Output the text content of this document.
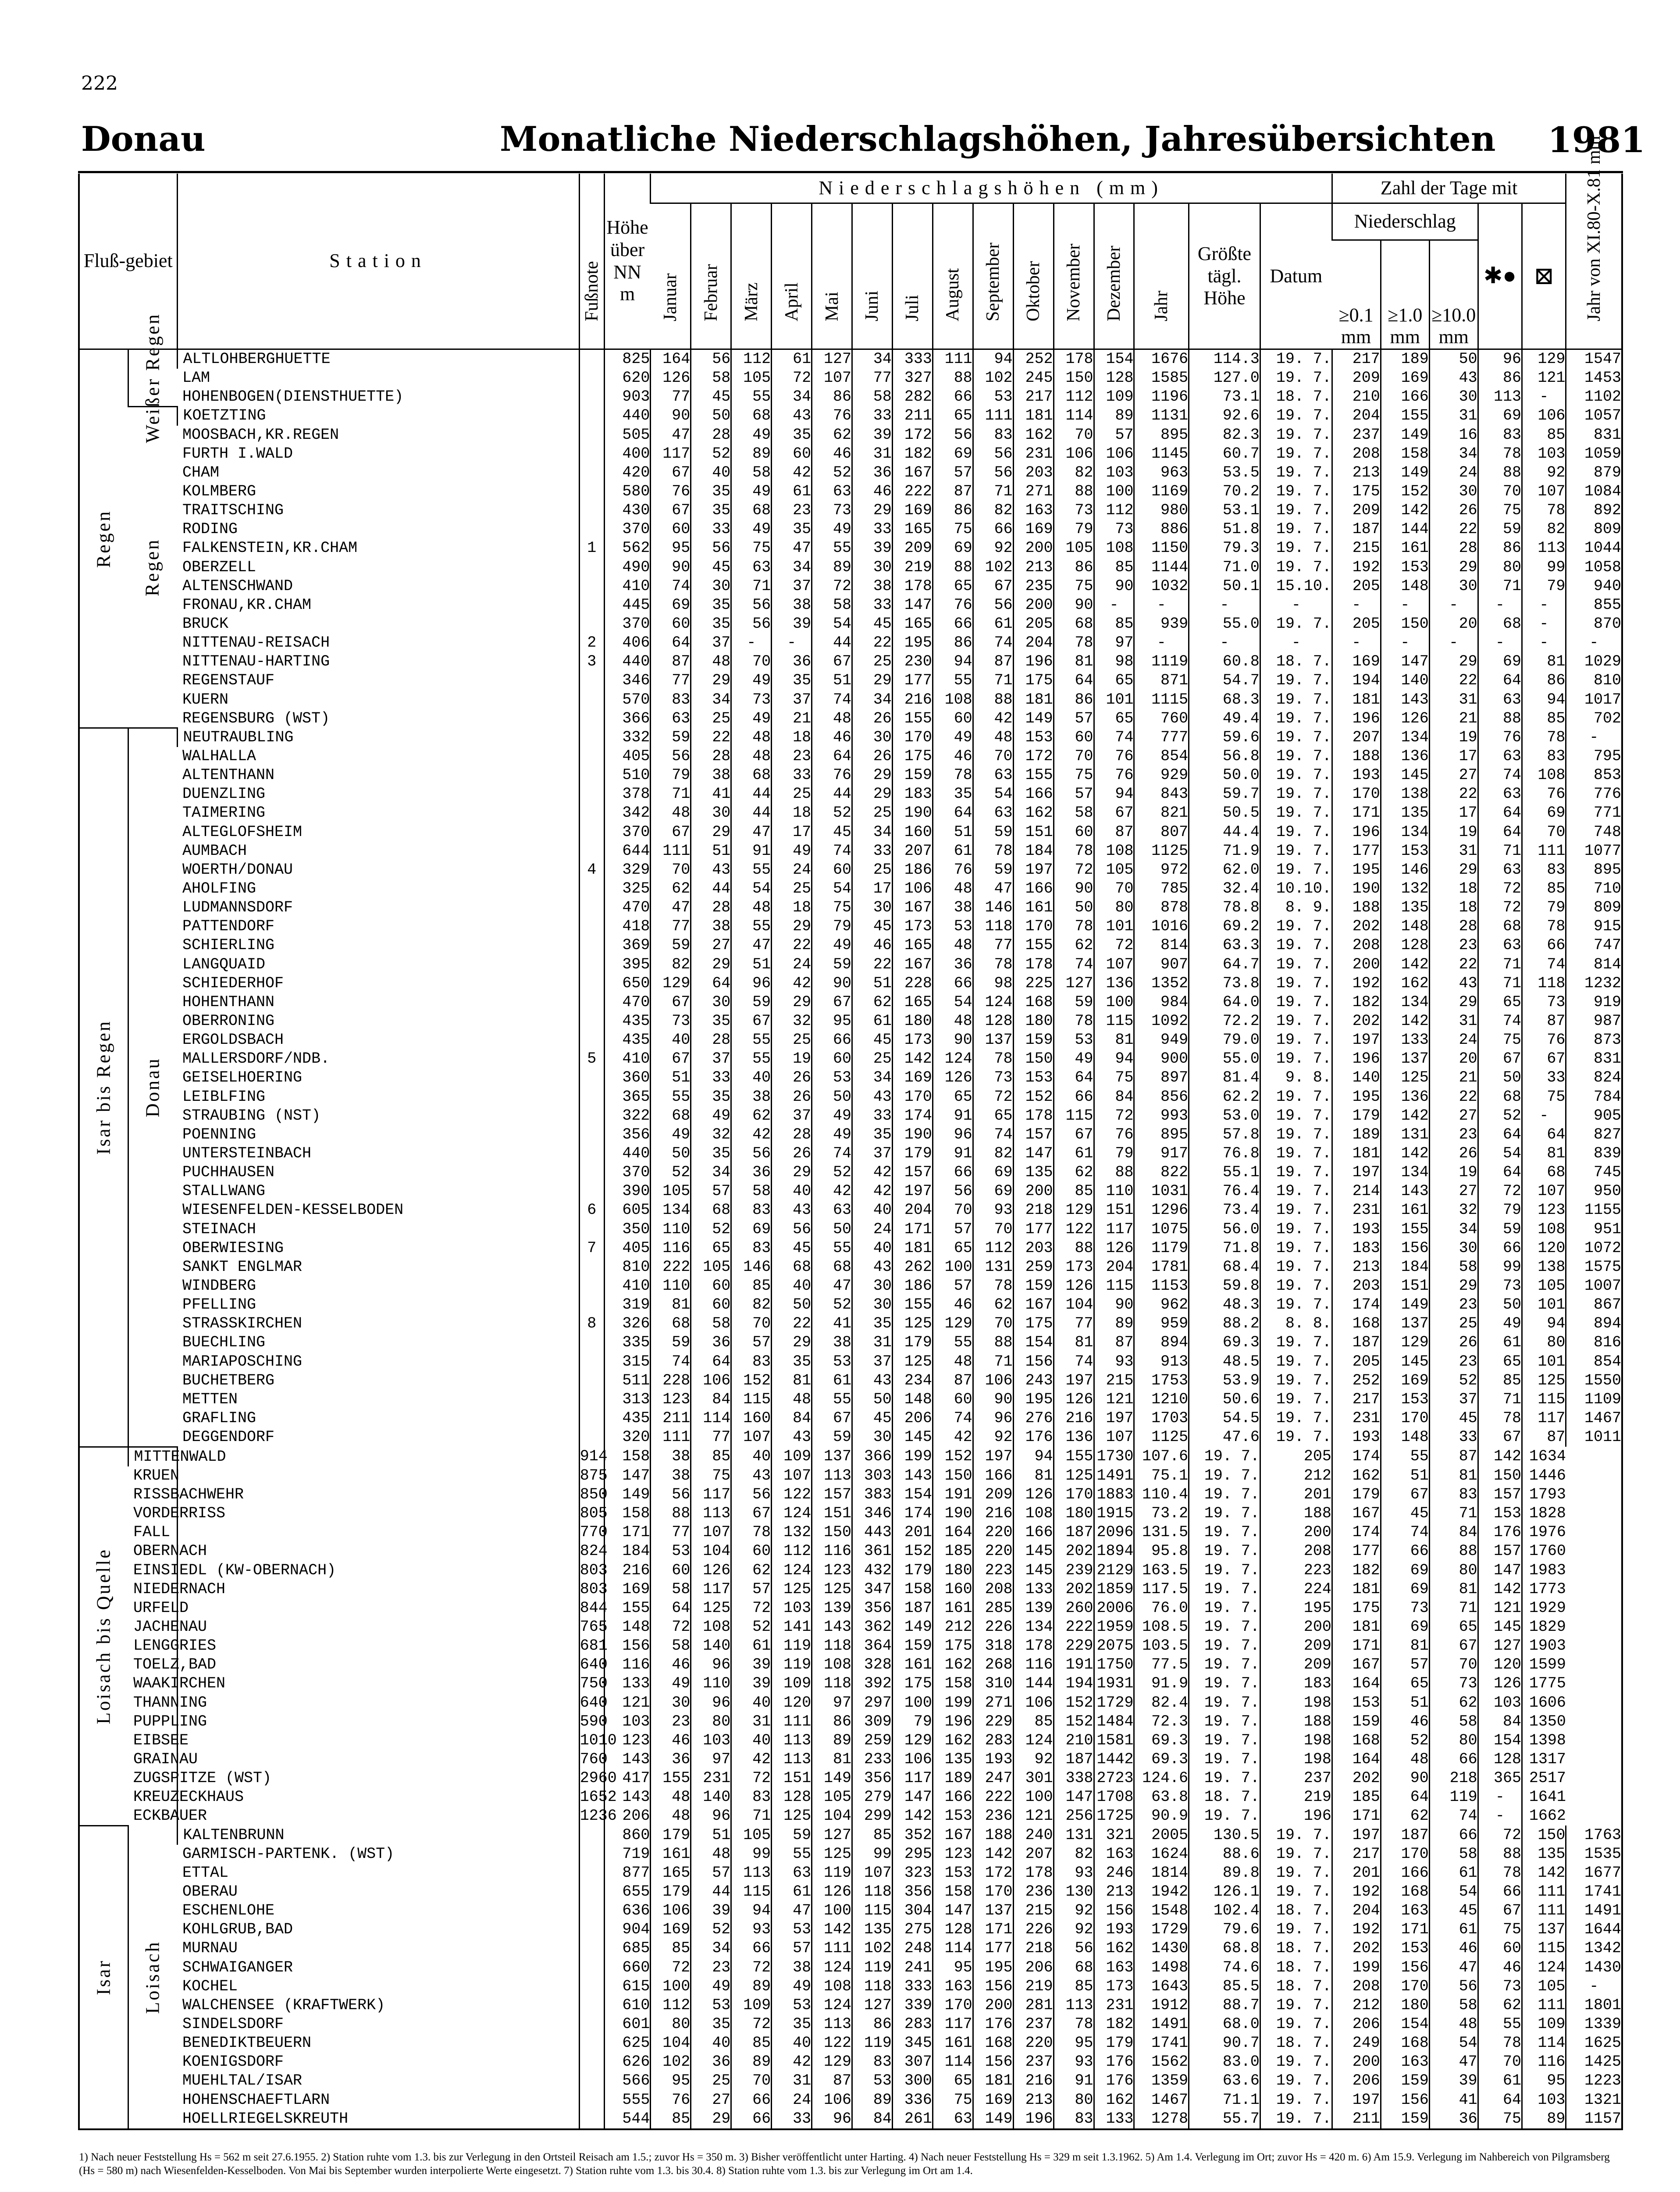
222
Donau	Monatliche Niederschlagshöhen, Jahresübersichten 1981
Fluß-gebiet		Station	Fußnote	Höhe über NN m	Niederschlagshöhen (mm)															Zahl der Tage mit					Jahr von XI.80-X.81 mm

					Januar	Februar	März	April	Mai	Juni	Juli	August	September	Oktober	November	Dezember	Jahr	Größte tägl. Höhe	Datum	Niederschlag			✱●	⊠	
																				≥0.1 mm	≥1.0 mm	≥10.0 mm			

Regen	Weißer Regen	ALTLOHBERGHUETTE		825	164	56	112	61	127	34	333	111	94	252	178	154	1676	114.3	19. 7.	217	189	50	96	129	1547
		LAM		620	126	58	105	72	107	77	327	88	102	245	150	128	1585	127.0	19. 7.	209	169	43	86	121	1453
		HOHENBOGEN(DIENSTHUETTE)		903	77	45	55	34	86	58	282	66	53	217	112	109	1196	73.1	18. 7.	210	166	30	113	-	1102

	Regen	KOETZTING		440	90	50	68	43	76	33	211	65	111	181	114	89	1131	92.6	19. 7.	204	155	31	69	106	1057
		MOOSBACH,KR.REGEN		505	47	28	49	35	62	39	172	56	83	162	70	57	895	82.3	19. 7.	237	149	16	83	85	831
		FURTH I.WALD		400	117	52	89	60	46	31	182	69	56	231	106	106	1145	60.7	19. 7.	208	158	34	78	103	1059
		CHAM		420	67	40	58	42	52	36	167	57	56	203	82	103	963	53.5	19. 7.	213	149	24	88	92	879
		KOLMBERG		580	76	35	49	61	63	46	222	87	71	271	88	100	1169	70.2	19. 7.	175	152	30	70	107	1084
		TRAITSCHING		430	67	35	68	23	73	29	169	86	82	163	73	112	980	53.1	19. 7.	209	142	26	75	78	892
		RODING		370	60	33	49	35	49	33	165	75	66	169	79	73	886	51.8	19. 7.	187	144	22	59	82	809
		FALKENSTEIN,KR.CHAM	1	562	95	56	75	47	55	39	209	69	92	200	105	108	1150	79.3	19. 7.	215	161	28	86	113	1044
		OBERZELL		490	90	45	63	34	89	30	219	88	102	213	86	85	1144	71.0	19. 7.	192	153	29	80	99	1058
		ALTENSCHWAND		410	74	30	71	37	72	38	178	65	67	235	75	90	1032	50.1	15.10.	205	148	30	71	79	940
		FRONAU,KR.CHAM		445	69	35	56	38	58	33	147	76	56	200	90	-	-	-	-	-	-	-	-	-	855
		BRUCK		370	60	35	56	39	54	45	165	66	61	205	68	85	939	55.0	19. 7.	205	150	20	68	-	870
		NITTENAU-REISACH	2	406	64	37	-	-	44	22	195	86	74	204	78	97	-	-	-	-	-	-	-	-	-
		NITTENAU-HARTING	3	440	87	48	70	36	67	25	230	94	87	196	81	98	1119	60.8	18. 7.	169	147	29	69	81	1029
		REGENSTAUF		346	77	29	49	35	51	29	177	55	71	175	64	65	871	54.7	19. 7.	194	140	22	64	86	810
		KUERN		570	83	34	73	37	74	34	216	108	88	181	86	101	1115	68.3	19. 7.	181	143	31	63	94	1017
		REGENSBURG (WST)		366	63	25	49	21	48	26	155	60	42	149	57	65	760	49.4	19. 7.	196	126	21	88	85	702

Isar bis Regen	Donau	NEUTRAUBLING		332	59	22	48	18	46	30	170	49	48	153	60	74	777	59.6	19. 7.	207	134	19	76	78	-
		WALHALLA		405	56	28	48	23	64	26	175	46	70	172	70	76	854	56.8	19. 7.	188	136	17	63	83	795
		ALTENTHANN		510	79	38	68	33	76	29	159	78	63	155	75	76	929	50.0	19. 7.	193	145	27	74	108	853
		DUENZLING		378	71	41	44	25	44	29	183	35	54	166	57	94	843	59.7	19. 7.	170	138	22	63	76	776
		TAIMERING		342	48	30	44	18	52	25	190	64	63	162	58	67	821	50.5	19. 7.	171	135	17	64	69	771
		ALTEGLOFSHEIM		370	67	29	47	17	45	34	160	51	59	151	60	87	807	44.4	19. 7.	196	134	19	64	70	748
		AUMBACH		644	111	51	91	49	74	33	207	61	78	184	78	108	1125	71.9	19. 7.	177	153	31	71	111	1077
		WOERTH/DONAU	4	329	70	43	55	24	60	25	186	76	59	197	72	105	972	62.0	19. 7.	195	146	29	63	83	895
		AHOLFING		325	62	44	54	25	54	17	106	48	47	166	90	70	785	32.4	10.10.	190	132	18	72	85	710
		LUDMANNSDORF		470	47	28	48	18	75	30	167	38	146	161	50	80	878	78.8	8. 9.	188	135	18	72	79	809
		PATTENDORF		418	77	38	55	29	79	45	173	53	118	170	78	101	1016	69.2	19. 7.	202	148	28	68	78	915
		SCHIERLING		369	59	27	47	22	49	46	165	48	77	155	62	72	814	63.3	19. 7.	208	128	23	63	66	747
		LANGQUAID		395	82	29	51	24	59	22	167	36	78	178	74	107	907	64.7	19. 7.	200	142	22	71	74	814
		SCHIEDERHOF		650	129	64	96	42	90	51	228	66	98	225	127	136	1352	73.8	19. 7.	192	162	43	71	118	1232
		HOHENTHANN		470	67	30	59	29	67	62	165	54	124	168	59	100	984	64.0	19. 7.	182	134	29	65	73	919
		OBERRONING		435	73	35	67	32	95	61	180	48	128	180	78	115	1092	72.2	19. 7.	202	142	31	74	87	987
		ERGOLDSBACH		435	40	28	55	25	66	45	173	90	137	159	53	81	949	79.0	19. 7.	197	133	24	75	76	873
		MALLERSDORF/NDB.	5	410	67	37	55	19	60	25	142	124	78	150	49	94	900	55.0	19. 7.	196	137	20	67	67	831
		GEISELHOERING		360	51	33	40	26	53	34	169	126	73	153	64	75	897	81.4	9. 8.	140	125	21	50	33	824
		LEIBLFING		365	55	35	38	26	50	43	170	65	72	152	66	84	856	62.2	19. 7.	195	136	22	68	75	784
		STRAUBING (NST)		322	68	49	62	37	49	33	174	91	65	178	115	72	993	53.0	19. 7.	179	142	27	52	-	905
		POENNING		356	49	32	42	28	49	35	190	96	74	157	67	76	895	57.8	19. 7.	189	131	23	64	64	827
		UNTERSTEINBACH		440	50	35	56	26	74	37	179	91	82	147	61	79	917	76.8	19. 7.	181	142	26	54	81	839
		PUCHHAUSEN		370	52	34	36	29	52	42	157	66	69	135	62	88	822	55.1	19. 7.	197	134	19	64	68	745
		STALLWANG		390	105	57	58	40	42	42	197	56	69	200	85	110	1031	76.4	19. 7.	214	143	27	72	107	950
		WIESENFELDEN-KESSELBODEN	6	605	134	68	83	43	63	40	204	70	93	218	129	151	1296	73.4	19. 7.	231	161	32	79	123	1155
		STEINACH		350	110	52	69	56	50	24	171	57	70	177	122	117	1075	56.0	19. 7.	193	155	34	59	108	951
		OBERWIESING	7	405	116	65	83	45	55	40	181	65	112	203	88	126	1179	71.8	19. 7.	183	156	30	66	120	1072
		SANKT ENGLMAR		810	222	105	146	68	68	43	262	100	131	259	173	204	1781	68.4	19. 7.	213	184	58	99	138	1575
		WINDBERG		410	110	60	85	40	47	30	186	57	78	159	126	115	1153	59.8	19. 7.	203	151	29	73	105	1007
		PFELLING		319	81	60	82	50	52	30	155	46	62	167	104	90	962	48.3	19. 7.	174	149	23	50	101	867
		STRASSKIRCHEN	8	326	68	58	70	22	41	35	125	129	70	175	77	89	959	88.2	8. 8.	168	137	25	49	94	894
		BUECHLING		335	59	36	57	29	38	31	179	55	88	154	81	87	894	69.3	19. 7.	187	129	26	61	80	816
		MARIAPOSCHING		315	74	64	83	35	53	37	125	48	71	156	74	93	913	48.5	19. 7.	205	145	23	65	101	854
		BUCHETBERG		511	228	106	152	81	61	43	234	87	106	243	197	215	1753	53.9	19. 7.	252	169	52	85	125	1550
		METTEN		313	123	84	115	48	55	50	148	60	90	195	126	121	1210	50.6	19. 7.	217	153	37	71	115	1109
		GRAFLING		435	211	114	160	84	67	45	206	74	96	276	216	197	1703	54.5	19. 7.	231	170	45	78	117	1467
		DEGGENDORF		320	111	77	107	43	59	30	145	42	92	176	136	107	1125	47.6	19. 7.	193	148	33	67	87	1011

Loisach bis Quelle	MITTENWALD		914	158	38	85	40	109	137	366	199	152	197	94	155	1730	107.6	19. 7.	205	174	55	87	142	1634	
	KRUEN		875	147	38	75	43	107	113	303	143	150	166	81	125	1491	75.1	19. 7.	212	162	51	81	150	1446	
	RISSBACHWEHR		850	149	56	117	56	122	157	383	154	191	209	126	170	1883	110.4	19. 7.	201	179	67	83	157	1793	
	VORDERRISS		805	158	88	113	67	124	151	346	174	190	216	108	180	1915	73.2	19. 7.	188	167	45	71	153	1828	
	FALL		770	171	77	107	78	132	150	443	201	164	220	166	187	2096	131.5	19. 7.	200	174	74	84	176	1976	
	OBERNACH		824	184	53	104	60	112	116	361	152	185	220	145	202	1894	95.8	19. 7.	208	177	66	88	157	1760	
	EINSIEDL (KW-OBERNACH)		803	216	60	126	62	124	123	432	179	180	223	145	239	2129	163.5	19. 7.	223	182	69	80	147	1983	
	NIEDERNACH		803	169	58	117	57	125	125	347	158	160	208	133	202	1859	117.5	19. 7.	224	181	69	81	142	1773	
	URFELD		844	155	64	125	72	103	139	356	187	161	285	139	260	2006	76.0	19. 7.	195	175	73	71	121	1929	
	JACHENAU		765	148	72	108	52	141	143	362	149	212	226	134	222	1959	108.5	19. 7.	200	181	69	65	145	1829	
	LENGGRIES		681	156	58	140	61	119	118	364	159	175	318	178	229	2075	103.5	19. 7.	209	171	81	67	127	1903	
	TOELZ,BAD		640	116	46	96	39	119	108	328	161	162	268	116	191	1750	77.5	19. 7.	209	167	57	70	120	1599	
	WAAKIRCHEN		750	133	49	110	39	109	118	392	175	158	310	144	194	1931	91.9	19. 7.	183	164	65	73	126	1775	
	THANNING		640	121	30	96	40	120	97	297	100	199	271	106	152	1729	82.4	19. 7.	198	153	51	62	103	1606	
	PUPPLING		590	103	23	80	31	111	86	309	79	196	229	85	152	1484	72.3	19. 7.	188	159	46	58	84	1350	
	EIBSEE		1010	123	46	103	40	113	89	259	129	162	283	124	210	1581	69.3	19. 7.	198	168	52	80	154	1398	
	GRAINAU		760	143	36	97	42	113	81	233	106	135	193	92	187	1442	69.3	19. 7.	198	164	48	66	128	1317	
	ZUGSPITZE (WST)		2960	417	155	231	72	151	149	356	117	189	247	301	338	2723	124.6	19. 7.	237	202	90	218	365	2517	
	KREUZECKHAUS		1652	143	48	140	83	128	105	279	147	166	222	100	147	1708	63.8	18. 7.	219	185	64	119	-	1641	
	ECKBAUER		1236	206	48	96	71	125	104	299	142	153	236	121	256	1725	90.9	19. 7.	196	171	62	74	-	1662	

Isar	Loisach	KALTENBRUNN		860	179	51	105	59	127	85	352	167	188	240	131	321	2005	130.5	19. 7.	197	187	66	72	150	1763
		GARMISCH-PARTENK. (WST)		719	161	48	99	55	125	99	295	123	142	207	82	163	1624	88.6	19. 7.	217	170	58	88	135	1535
		ETTAL		877	165	57	113	63	119	107	323	153	172	178	93	246	1814	89.8	19. 7.	201	166	61	78	142	1677
		OBERAU		655	179	44	115	61	126	118	356	158	170	236	130	213	1942	126.1	19. 7.	192	168	54	66	111	1741
		ESCHENLOHE		636	106	39	94	47	100	115	304	147	137	215	92	156	1548	102.4	18. 7.	204	163	45	67	111	1491
		KOHLGRUB,BAD		904	169	52	93	53	142	135	275	128	171	226	92	193	1729	79.6	19. 7.	192	171	61	75	137	1644
		MURNAU		685	85	34	66	57	111	102	248	114	177	218	56	162	1430	68.8	18. 7.	202	153	46	60	115	1342
		SCHWAIGANGER		660	72	23	72	38	124	119	241	95	195	206	68	163	1498	74.6	18. 7.	199	156	47	46	124	1430
		KOCHEL		615	100	49	89	49	108	118	333	163	156	219	85	173	1643	85.5	18. 7.	208	170	56	73	105	-
		WALCHENSEE (KRAFTWERK)		610	112	53	109	53	124	127	339	170	200	281	113	231	1912	88.7	19. 7.	212	180	58	62	111	1801
		SINDELSDORF		601	80	35	72	35	113	86	283	117	176	237	78	182	1491	68.0	19. 7.	206	154	48	55	109	1339
		BENEDIKTBEUERN		625	104	40	85	40	122	119	345	161	168	220	95	179	1741	90.7	18. 7.	249	168	54	78	114	1625
		KOENIGSDORF		626	102	36	89	42	129	83	307	114	156	237	93	176	1562	83.0	19. 7.	200	163	47	70	116	1425
		MUEHLTAL/ISAR		566	95	25	70	31	87	53	300	65	181	216	91	176	1359	63.6	19. 7.	206	159	39	61	95	1223
		HOHENSCHAEFTLARN		555	76	27	66	24	106	89	336	75	169	213	80	162	1467	71.1	19. 7.	197	156	41	64	103	1321
		HOELLRIEGELSKREUTH		544	85	29	66	33	96	84	261	63	149	196	83	133	1278	55.7	19. 7.	211	159	36	75	89	1157
1) Nach neuer Feststellung Hs = 562 m seit 27.6.1955. 2) Station ruhte vom 1.3. bis zur Verlegung in den Ortsteil Reisach am 1.5.; zuvor Hs = 350 m. 3) Bisher veröffentlicht unter Harting. 4) Nach neuer Feststellung Hs = 329 m seit 1.3.1962. 5) Am 1.4. Verlegung im Ort; zuvor Hs = 420 m. 6) Am 15.9. Verlegung im Nahbereich von Pilgramsberg (Hs = 580 m) nach Wiesenfelden-Kesselboden. Von Mai bis September wurden interpolierte Werte eingesetzt. 7) Station ruhte vom 1.3. bis 30.4. 8) Station ruhte vom 1.3. bis zur Verlegung im Ort am 1.4.
